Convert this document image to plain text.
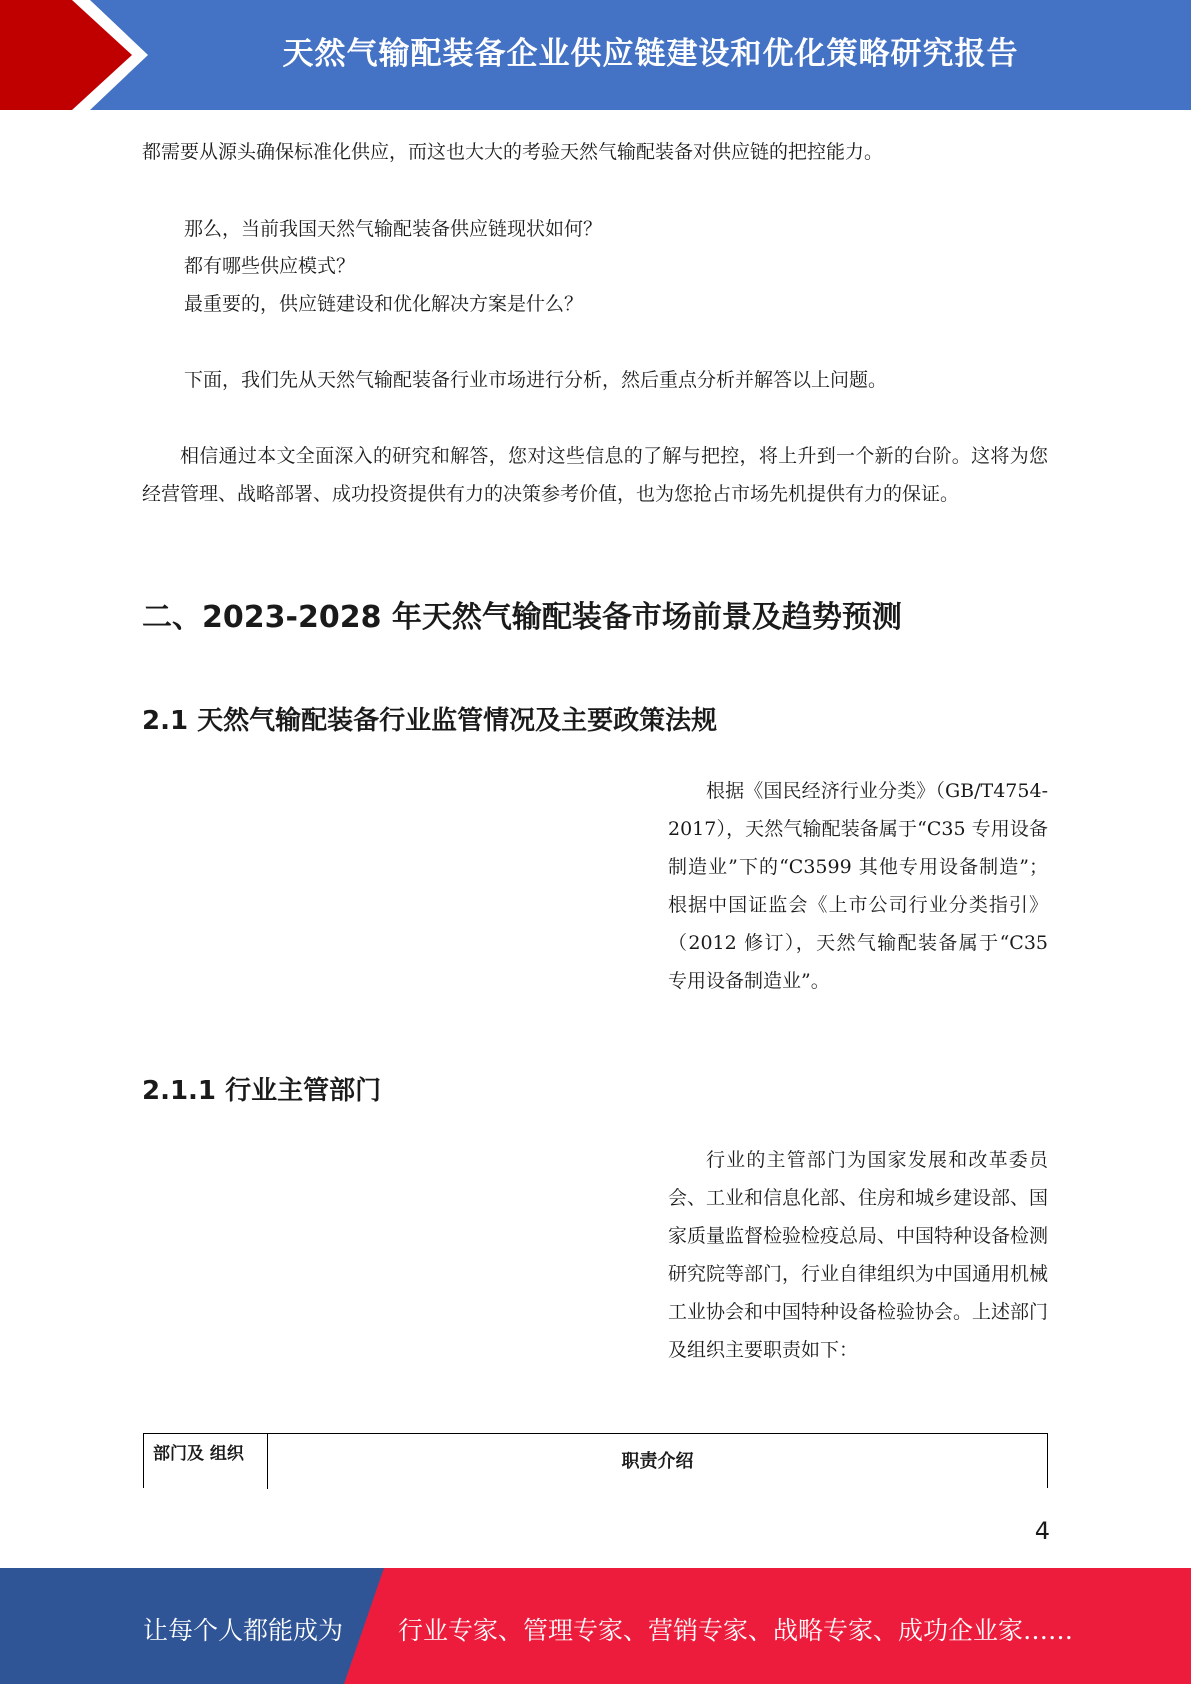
天然气输配装备企业供应链建设和优化策略研究报告

都需要从源头确保标准化供应，而这也大大的考验天然气输配装备对供应链的把控能力。

那么，当前我国天然气输配装备供应链现状如何？

都有哪些供应模式？

最重要的，供应链建设和优化解决方案是什么？

下面，我们先从天然气输配装备行业市场进行分析，然后重点分析并解答以上问题。

相信通过本文全面深入的研究和解答，您对这些信息的了解与把控，将上升到一个新的台阶。这将为您经营管理、战略部署、成功投资提供有力的决策参考价值，也为您抢占市场先机提供有力的保证。

二、2023-2028 年天然气输配装备市场前景及趋势预测
2.1 天然气输配装备行业监管情况及主要政策法规

根据《国民经济行业分类》（GB/T4754-2017），天然气输配装备属于“C35 专用设备制造业”下的“C3599 其他专用设备制造”；根据中国证监会《上市公司行业分类指引》（2012 修订），天然气输配装备属于“C35 专用设备制造业”。

2.1.1 行业主管部门

行业的主管部门为国家发展和改革委员会、工业和信息化部、住房和城乡建设部、国家质量监督检验检疫总局、中国特种设备检测研究院等部门，行业自律组织为中国通用机械工业协会和中国特种设备检验协会。上述部门及组织主要职责如下：

部门及 组织	职责介绍
4
让每个人都能成为 行业专家、管理专家、营销专家、战略专家、成功企业家……
